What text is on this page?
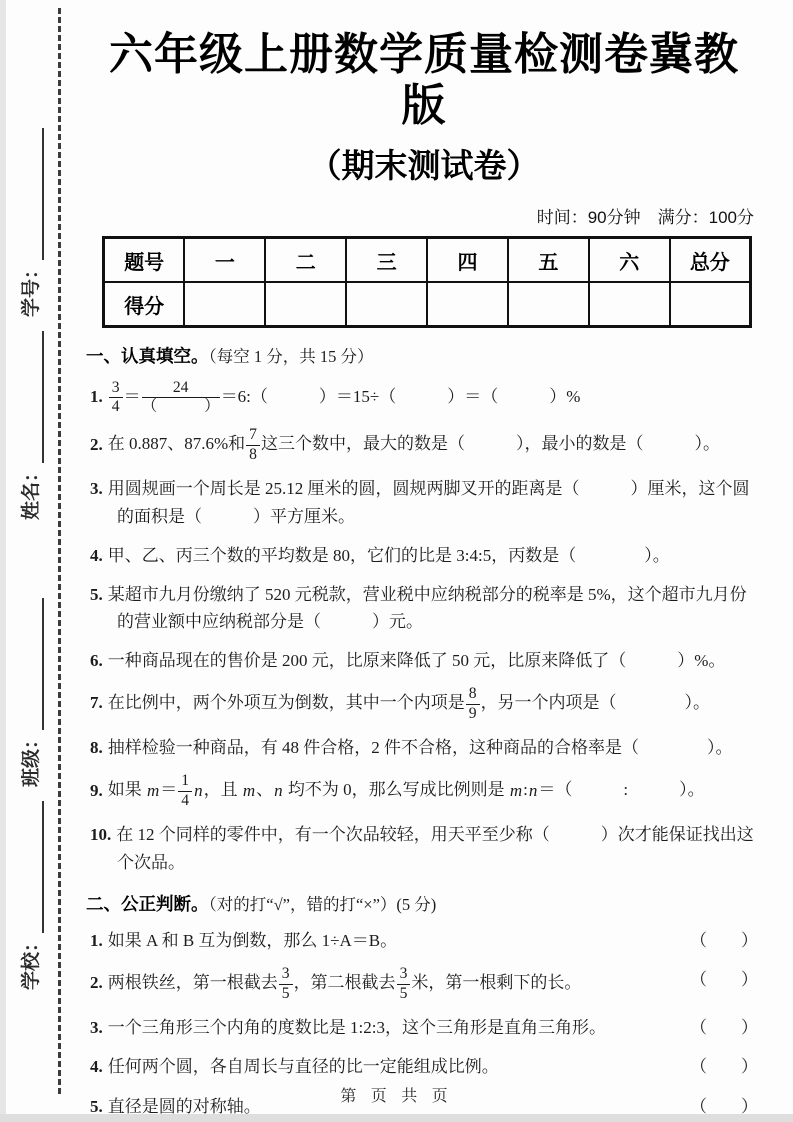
学校：
班级：
姓名：
学号：
六年级上册数学质量检测卷冀教版
（期末测试卷）
时间：90分钟　满分：100分
题号	一	二	三	四	五	六	总分
得分							
一、认真填空。（每空 1 分，共 15 分）
1. $\frac{3}{4} = \frac{24}{( )}$ ＝6:（　　　）＝15÷（　　　）＝（　　　）%
2. 在 0.887、87.6%和 $\frac{7}{8}$ 这三个数中，最大的数是（　　　），最小的数是（　　　）。
3. 用圆规画一个周长是 25.12 厘米的圆，圆规两脚叉开的距离是（　　　）厘米，这个圆的面积是（　　　）平方厘米。
4. 甲、乙、丙三个数的平均数是 80，它们的比是 3:4:5，丙数是（　　　　）。
5. 某超市九月份缴纳了 520 元税款，营业税中应纳税部分的税率是 5%，这个超市九月份的营业额中应纳税部分是（　　　）元。
6. 一种商品现在的售价是 200 元，比原来降低了 50 元，比原来降低了（　　　）%。
7. 在比例中，两个外项互为倒数，其中一个内项是 $\frac{8}{9}$ ，另一个内项是（　　　　）。
8. 抽样检验一种商品，有 48 件合格，2 件不合格，这种商品的合格率是（　　　　）。
9. 如果 $m= \frac{1}{4}$ n，且 m、n 均不为 0，那么写成比例则是 m:n＝（　　　:　　　）。
10. 在 12 个同样的零件中，有一个次品较轻，用天平至少称（　　　）次才能保证找出这个次品。
二、公正判断。（对的打“√”，错的打“×”）(5 分)
1. 如果 A 和 B 互为倒数，那么 1÷A＝B。	（　　）
2. 两根铁丝，第一根截去 $\frac{3}{5}$ ，第二根截去 $\frac{3}{5}$ 米，第一根剩下的长。	（　　）
3. 一个三角形三个内角的度数比是 1:2:3，这个三角形是直角三角形。	（　　）
4. 任何两个圆，各自周长与直径的比一定能组成比例。	（　　）
5. 直径是圆的对称轴。	（　　）
第 页 共 页
